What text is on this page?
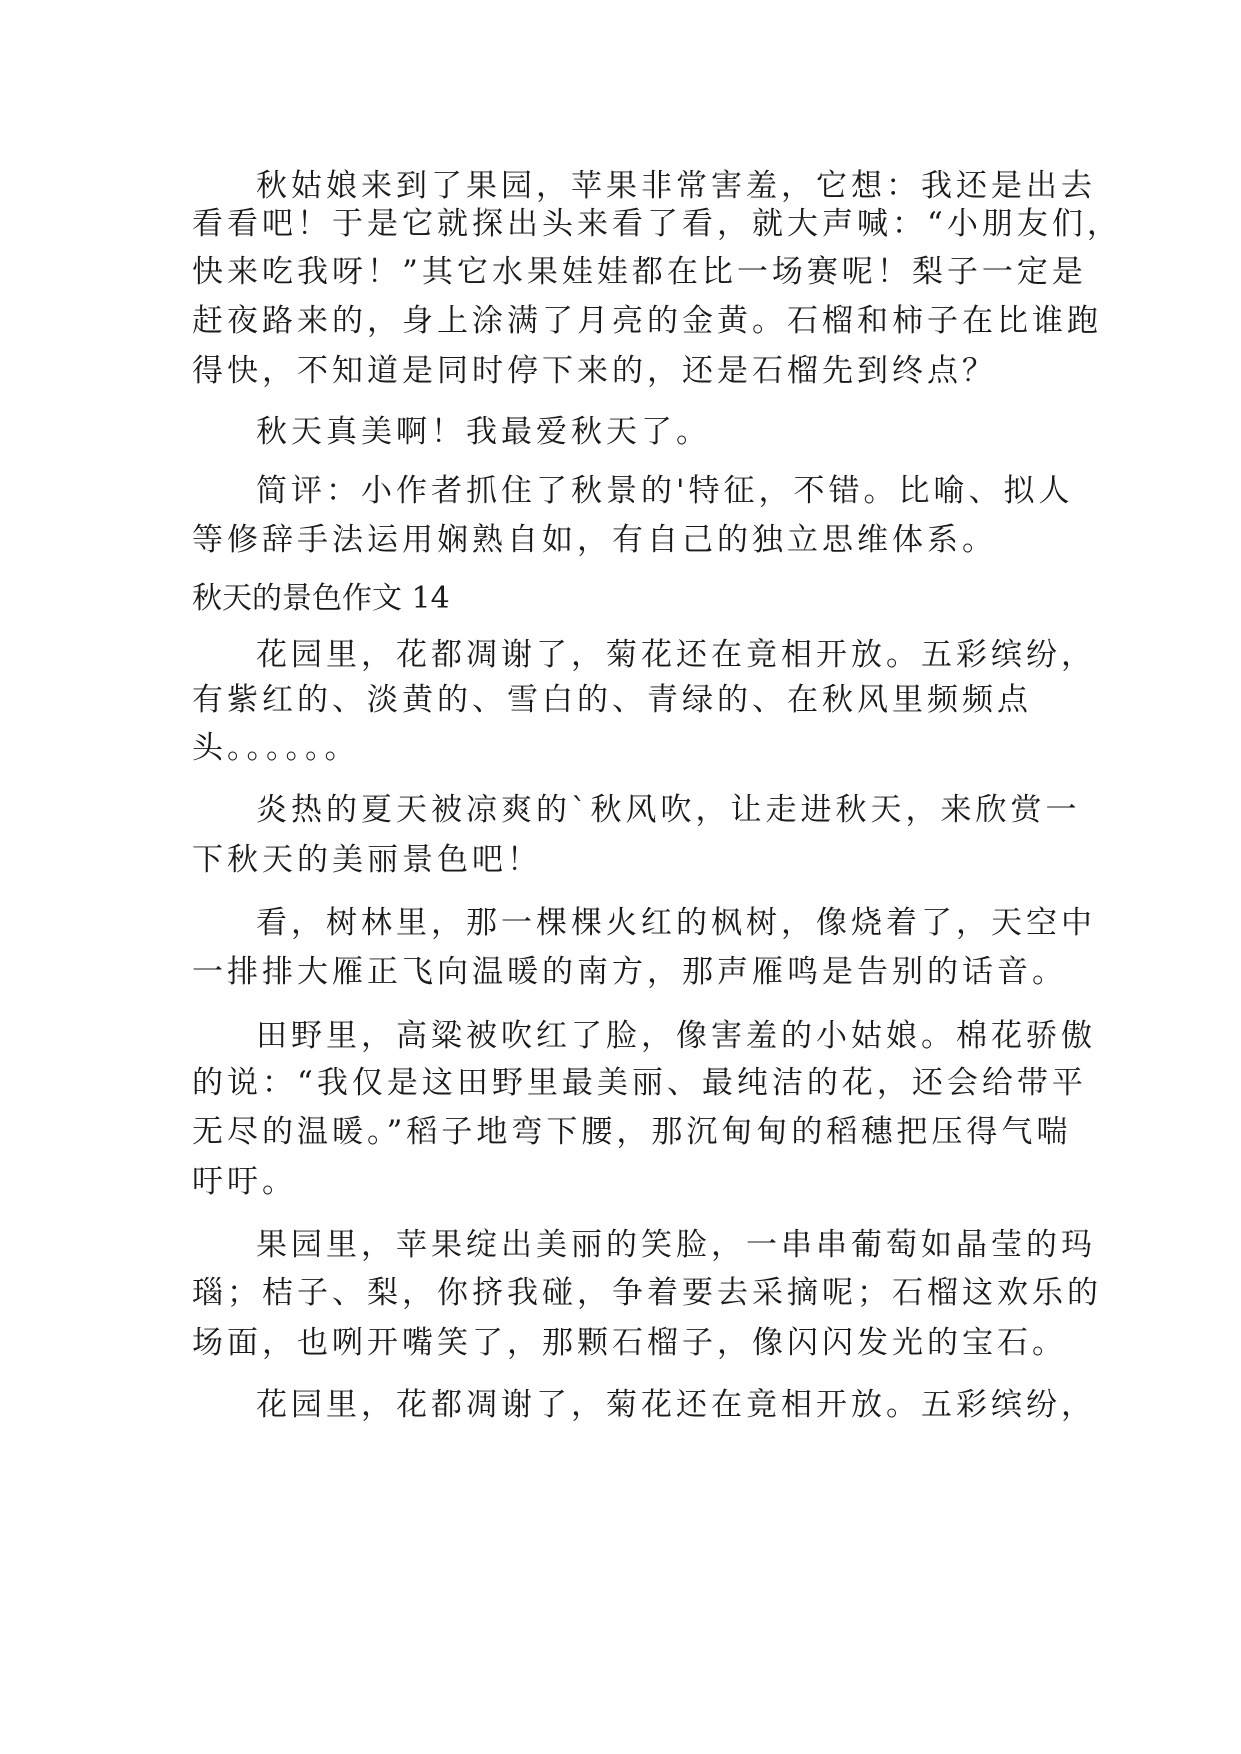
秋姑娘来到了果园，苹果非常害羞，它想：我还是出去
看看吧！于是它就探出头来看了看，就大声喊：“小朋友们，
快来吃我呀！”其它水果娃娃都在比一场赛呢！梨子一定是
赶夜路来的，身上涂满了月亮的金黄。石榴和柿子在比谁跑
得快，不知道是同时停下来的，还是石榴先到终点？
秋天真美啊！我最爱秋天了。
简评：小作者抓住了秋景的'特征，不错。比喻、拟人
等修辞手法运用娴熟自如，有自己的独立思维体系。
秋天的景色作文 14
花园里，花都凋谢了，菊花还在竟相开放。五彩缤纷，
有紫红的、淡黄的、雪白的、青绿的、在秋风里频频点
头。。。。。。
炎热的夏天被凉爽的`秋风吹，让走进秋天，来欣赏一
下秋天的美丽景色吧！
看，树林里，那一棵棵火红的枫树，像烧着了，天空中
一排排大雁正飞向温暖的南方，那声雁鸣是告别的话音。
田野里，高粱被吹红了脸，像害羞的小姑娘。棉花骄傲
的说：“我仅是这田野里最美丽、最纯洁的花，还会给带平
无尽的温暖。”稻子地弯下腰，那沉甸甸的稻穗把压得气喘
吁吁。
果园里，苹果绽出美丽的笑脸，一串串葡萄如晶莹的玛
瑙；桔子、梨，你挤我碰，争着要去采摘呢；石榴这欢乐的
场面，也咧开嘴笑了，那颗石榴子，像闪闪发光的宝石。
花园里，花都凋谢了，菊花还在竟相开放。五彩缤纷，
